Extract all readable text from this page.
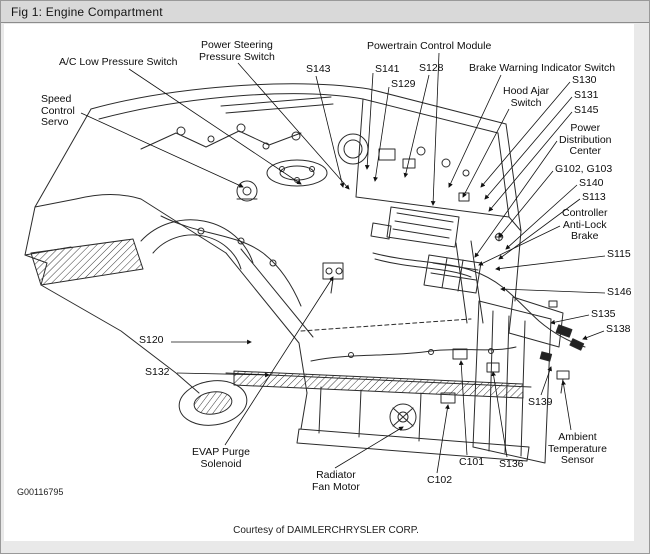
Fig 1: Engine Compartment
A/C Low Pressure Switch
Power Steering
Pressure Switch
S143	S141
S129
S128
Powertrain Control Module
Brake Warning Indicator Switch
Hood Ajar
Switch
S130
S131
S145
Speed
Control
Servo	Power
Distribution
Center
G102, G103
S140
S113
Controller
Anti-Lock
Brake
S115
S146
S135
S138
S120
S132
S139
EVAP Purge
Solenoid
Radiator
Fan Motor
C102
C101 S136
Ambient
Temperature
Sensor
G00116795
Courtesy of DAIMLERCHRYSLER CORP.
